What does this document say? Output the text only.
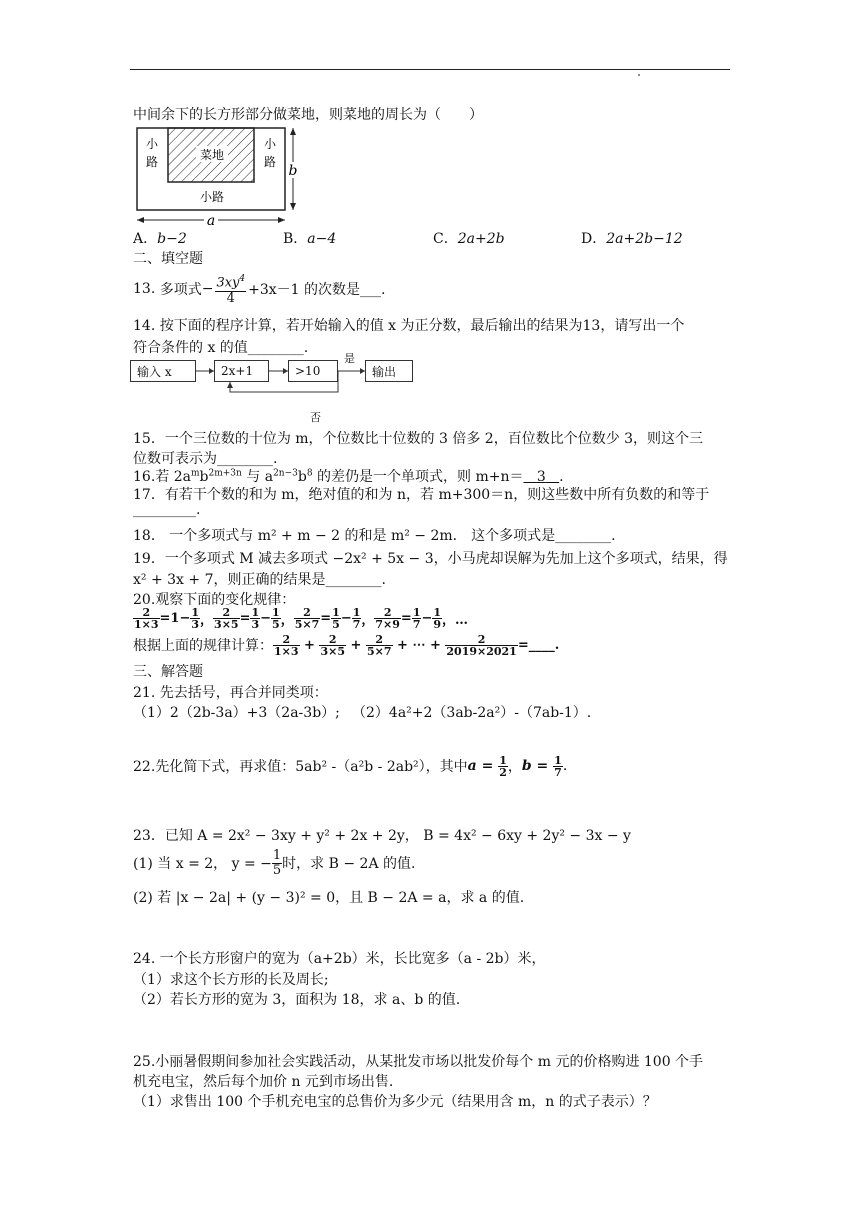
中间余下的长方形部分做菜地，则菜地的周长为（　　）
菜地
小
路
小
路
小路
b
a
A．b−2	B．a−4	C．2a+2b	D．2a+2b−12
二、填空题
13.
多项式 − $\frac{3xy^4}{4} +3x-1$ 的次数是___.
14. 按下面的程序计算，若开始输入的值 x 为正分数，最后输出的结果为13，请写出一个
符合条件的 x 的值________.
输入 x	2x+1	>10	输出
是
否
15．一个三位数的十位为 m，个位数比十位数的 3 倍多 2，百位数比个位数少 3，则这个三
位数可表示为________.
16.若 $2a^mb^{2m+3n}$ 与 $a^{2n-3}b^8$ 的差仍是一个单项式，则 m+n＝ 3 .
17．有若干个数的和为 m，绝对值的和为 n，若 m+300＝n，则这些数中所有负数的和等于
_________.
18． 一个多项式与 m² + m − 2 的和是 m² − 2m． 这个多项式是________.
19．一个多项式 M 减去多项式 −2x² + 5x − 3，小马虎却误解为先加上这个多项式，结果，得
x² + 3x + 7，则正确的结果是________.
20.观察下面的变化规律：
$\frac{2}{1\times 3} =1- \frac{1}{3}$ ， $\frac{2}{3\times 5} = \frac{1}{3} - \frac{1}{5}$ ， $\frac{2}{5\times 7} = \frac{1}{5} - \frac{1}{7}$ ， $\frac{2}{7\times 9} = \frac{1}{7} - \frac{1}{9}$ ，…
根据上面的规律计算： $\frac{2}{1\times 3} + \frac{2}{3\times 5} + \frac{2}{5\times 7}$ + ⋯ + $\frac{2}{2019\times 2021}$ =____.
三、解答题
21. 先去括号，再合并同类项：
（1）2（2b-3a）+3（2a-3b）; （2）4a²+2（3ab-2a²）-（7ab-1）.
22.先化简下式，再求值：5ab² -（a²b - 2ab²），其中 $a = \frac{1}{2}$ ， $b = \frac{1}{7}$ .
23．已知 A = 2x² − 3xy + y² + 2x + 2y， B = 4x² − 6xy + 2y² − 3x − y
(1) 当 x = 2， y = − $\frac{1}{5}$ 时，求 B − 2A 的值.
(2) 若 |x − 2a| + (y − 3)² = 0，且 B − 2A = a，求 a 的值.
24. 一个长方形窗户的宽为（a+2b）米，长比宽多（a - 2b）米，
（1）求这个长方形的长及周长;
（2）若长方形的宽为 3，面积为 18，求 a、b 的值.
25.小丽暑假期间参加社会实践活动，从某批发市场以批发价每个 m 元的价格购进 100 个手
机充电宝，然后每个加价 n 元到市场出售.
（1）求售出 100 个手机充电宝的总售价为多少元（结果用含 m，n 的式子表示）？
